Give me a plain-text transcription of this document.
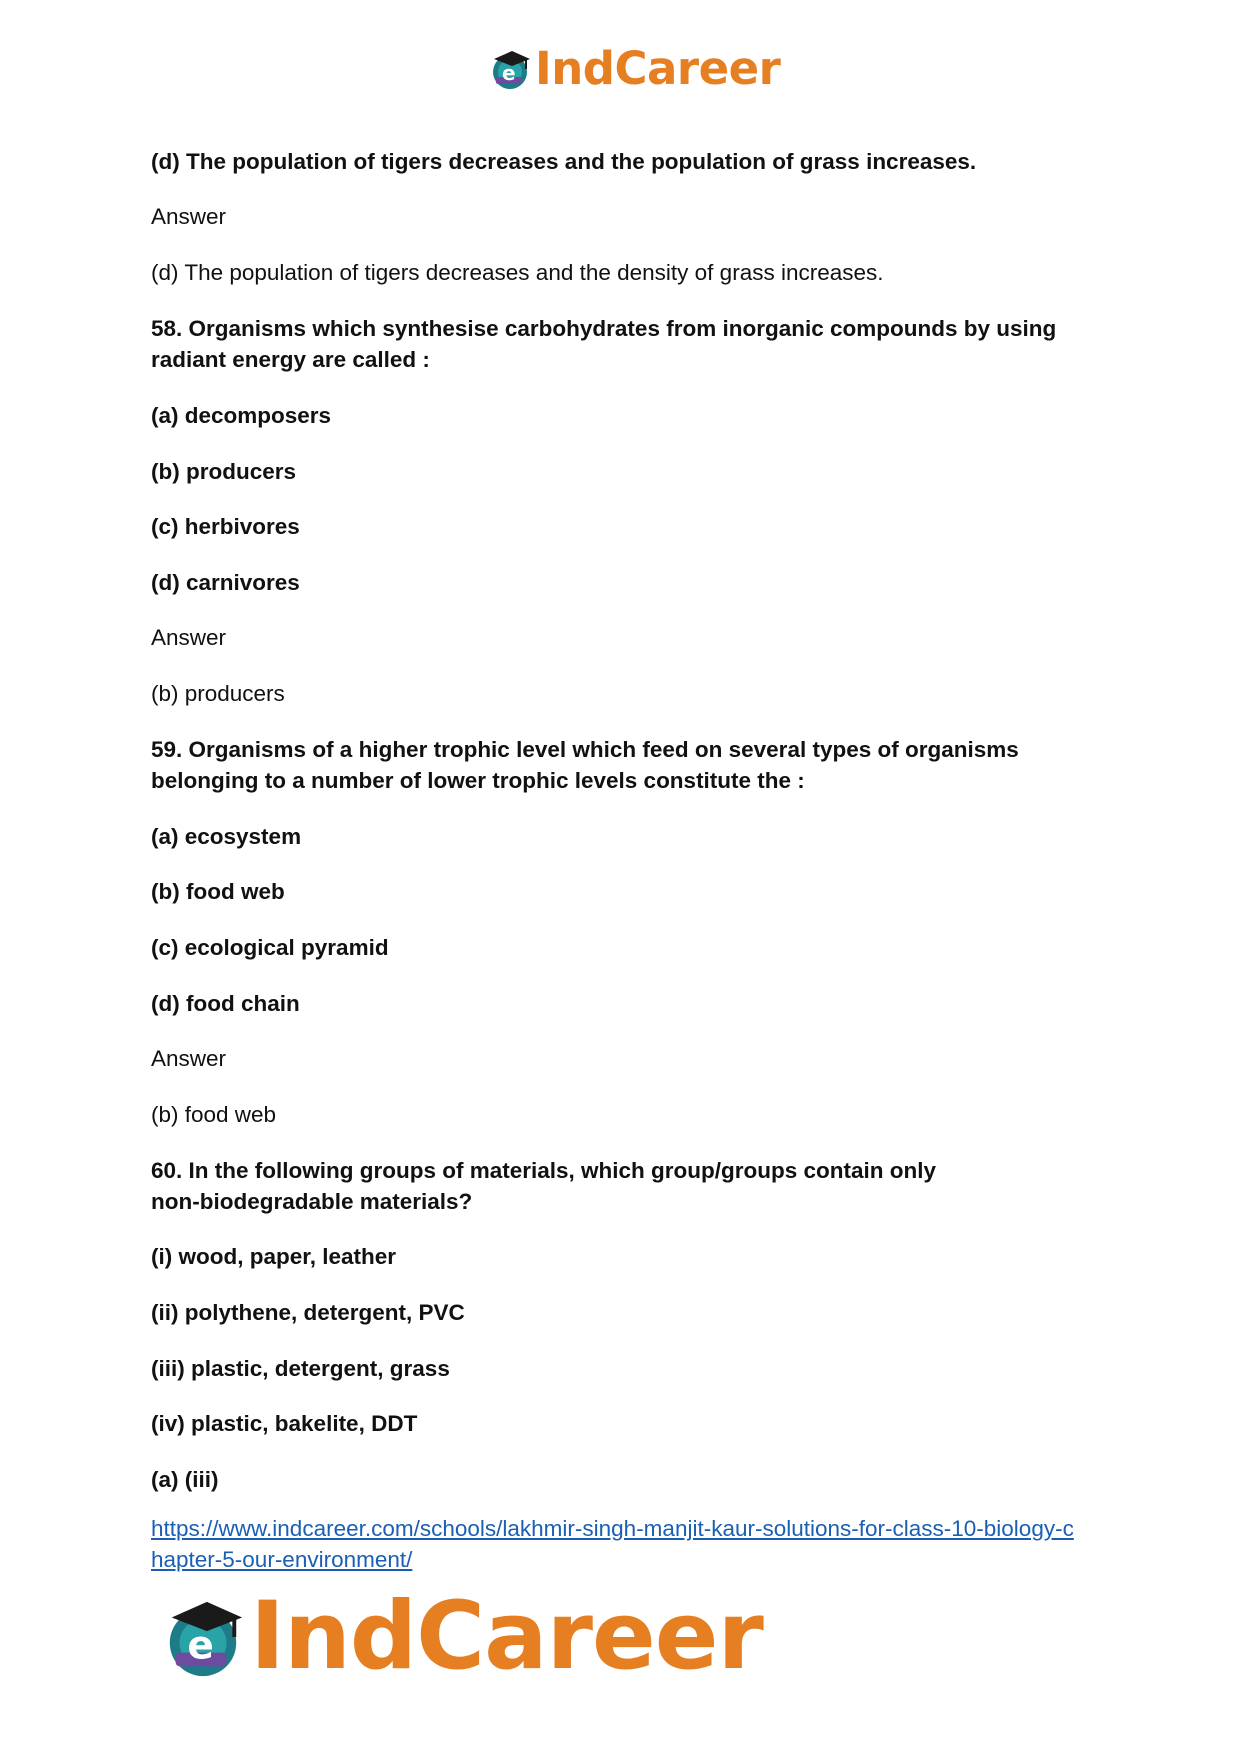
e IndCareer

(d) The population of tigers decreases and the population of grass increases.

Answer

(d) The population of tigers decreases and the density of grass increases.

58. Organisms which synthesise carbohydrates from inorganic compounds by using

radiant energy are called :

(a) decomposers

(b) producers

(c) herbivores

(d) carnivores

Answer

(b) producers

59. Organisms of a higher trophic level which feed on several types of organisms

belonging to a number of lower trophic levels constitute the :

(a) ecosystem

(b) food web

(c) ecological pyramid

(d) food chain

Answer

(b) food web

60. In the following groups of materials, which group/groups contain only

non-biodegradable materials?

(i) wood, paper, leather

(ii) polythene, detergent, PVC

(iii) plastic, detergent, grass

(iv) plastic, bakelite, DDT

(a) (iii)

https://www.indcareer.com/schools/lakhmir-singh-manjit-kaur-solutions-for-class-10-biology-c

hapter-5-our-environment/

e IndCareer
